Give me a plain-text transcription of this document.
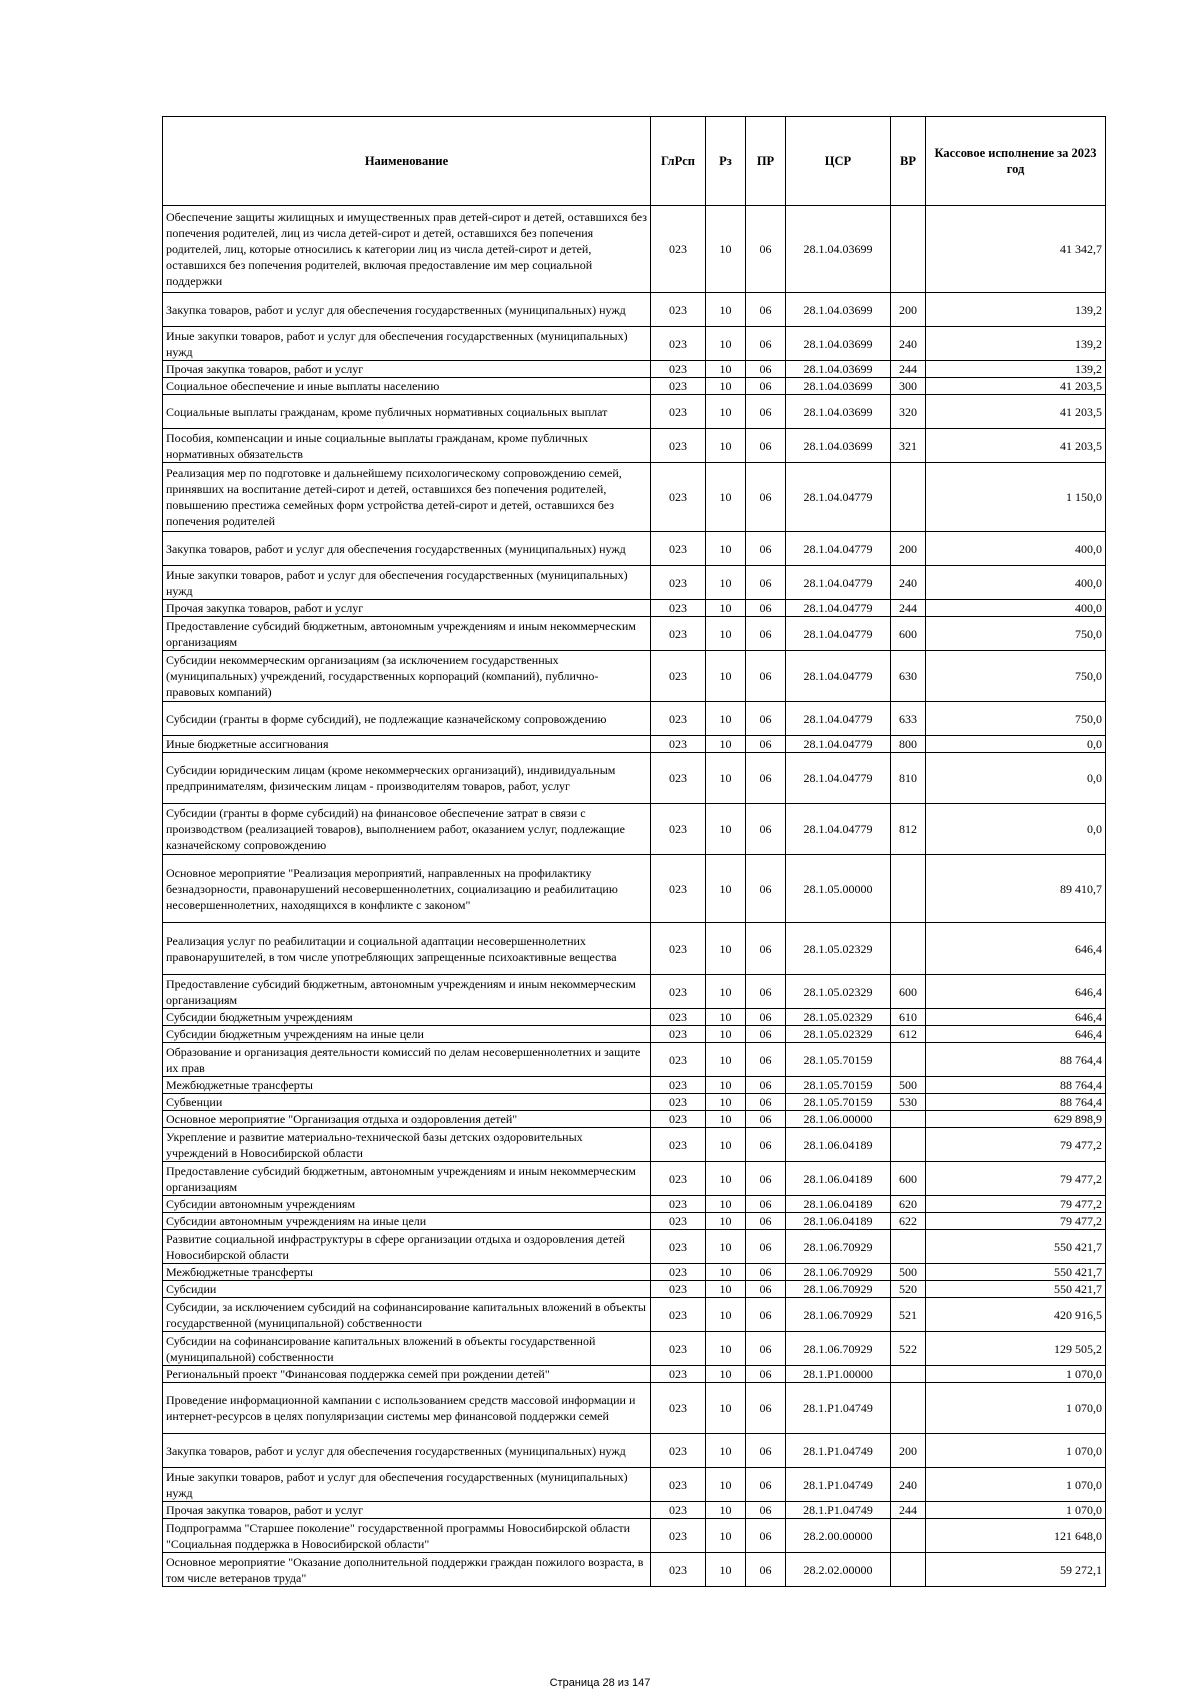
Наименование	ГлРсп	Рз	ПР	ЦСР	ВР	Кассовое исполнение за 2023 год
Обеспечение защиты жилищных и имущественных прав детей-сирот и детей, оставшихся без попечения родителей, лиц из числа детей-сирот и детей, оставшихся без попечения родителей, лиц, которые относились к категории лиц из числа детей-сирот и детей, оставшихся без попечения родителей, включая предоставление им мер социальной поддержки	023	10	06	28.1.04.03699		41 342,7
Закупка товаров, работ и услуг для обеспечения государственных (муниципальных) нужд	023	10	06	28.1.04.03699	200	139,2
Иные закупки товаров, работ и услуг для обеспечения государственных (муниципальных) нужд	023	10	06	28.1.04.03699	240	139,2
Прочая закупка товаров, работ и услуг	023	10	06	28.1.04.03699	244	139,2
Социальное обеспечение и иные выплаты населению	023	10	06	28.1.04.03699	300	41 203,5
Социальные выплаты гражданам, кроме публичных нормативных социальных выплат	023	10	06	28.1.04.03699	320	41 203,5
Пособия, компенсации и иные социальные выплаты гражданам, кроме публичных нормативных обязательств	023	10	06	28.1.04.03699	321	41 203,5
Реализация мер по подготовке и дальнейшему психологическому сопровождению семей, принявших на воспитание детей-сирот и детей, оставшихся без попечения родителей, повышению престижа семейных форм устройства детей-сирот и детей, оставшихся без попечения родителей	023	10	06	28.1.04.04779		1 150,0
Закупка товаров, работ и услуг для обеспечения государственных (муниципальных) нужд	023	10	06	28.1.04.04779	200	400,0
Иные закупки товаров, работ и услуг для обеспечения государственных (муниципальных) нужд	023	10	06	28.1.04.04779	240	400,0
Прочая закупка товаров, работ и услуг	023	10	06	28.1.04.04779	244	400,0
Предоставление субсидий бюджетным, автономным учреждениям и иным некоммерческим организациям	023	10	06	28.1.04.04779	600	750,0
Субсидии некоммерческим организациям (за исключением государственных (муниципальных) учреждений, государственных корпораций (компаний), публично-правовых компаний)	023	10	06	28.1.04.04779	630	750,0
Субсидии (гранты в форме субсидий), не подлежащие казначейскому сопровождению	023	10	06	28.1.04.04779	633	750,0
Иные бюджетные ассигнования	023	10	06	28.1.04.04779	800	0,0
Субсидии юридическим лицам (кроме некоммерческих организаций), индивидуальным предпринимателям, физическим лицам - производителям товаров, работ, услуг	023	10	06	28.1.04.04779	810	0,0
Субсидии (гранты в форме субсидий) на финансовое обеспечение затрат в связи с производством (реализацией товаров), выполнением работ, оказанием услуг, подлежащие казначейскому сопровождению	023	10	06	28.1.04.04779	812	0,0
Основное мероприятие "Реализация мероприятий, направленных на профилактику безнадзорности, правонарушений несовершеннолетних, социализацию и реабилитацию несовершеннолетних, находящихся в конфликте с законом"	023	10	06	28.1.05.00000		89 410,7
Реализация услуг по реабилитации и социальной адаптации несовершеннолетних правонарушителей, в том числе употребляющих запрещенные психоактивные вещества	023	10	06	28.1.05.02329		646,4
Предоставление субсидий бюджетным, автономным учреждениям и иным некоммерческим организациям	023	10	06	28.1.05.02329	600	646,4
Субсидии бюджетным учреждениям	023	10	06	28.1.05.02329	610	646,4
Субсидии бюджетным учреждениям на иные цели	023	10	06	28.1.05.02329	612	646,4
Образование и организация деятельности комиссий по делам несовершеннолетних и защите их прав	023	10	06	28.1.05.70159		88 764,4
Межбюджетные трансферты	023	10	06	28.1.05.70159	500	88 764,4
Субвенции	023	10	06	28.1.05.70159	530	88 764,4
Основное мероприятие "Организация отдыха и оздоровления детей"	023	10	06	28.1.06.00000		629 898,9
Укрепление и развитие материально-технической базы детских оздоровительных учреждений в Новосибирской области	023	10	06	28.1.06.04189		79 477,2
Предоставление субсидий бюджетным, автономным учреждениям и иным некоммерческим организациям	023	10	06	28.1.06.04189	600	79 477,2
Субсидии автономным учреждениям	023	10	06	28.1.06.04189	620	79 477,2
Субсидии автономным учреждениям на иные цели	023	10	06	28.1.06.04189	622	79 477,2
Развитие социальной инфраструктуры в сфере организации отдыха и оздоровления детей Новосибирской области	023	10	06	28.1.06.70929		550 421,7
Межбюджетные трансферты	023	10	06	28.1.06.70929	500	550 421,7
Субсидии	023	10	06	28.1.06.70929	520	550 421,7
Субсидии, за исключением субсидий на софинансирование капитальных вложений в объекты государственной (муниципальной) собственности	023	10	06	28.1.06.70929	521	420 916,5
Субсидии на софинансирование капитальных вложений в объекты государственной (муниципальной) собственности	023	10	06	28.1.06.70929	522	129 505,2
Региональный проект "Финансовая поддержка семей при рождении детей"	023	10	06	28.1.Р1.00000		1 070,0
Проведение информационной кампании с использованием средств массовой информации и интернет-ресурсов в целях популяризации системы мер финансовой поддержки семей	023	10	06	28.1.Р1.04749		1 070,0
Закупка товаров, работ и услуг для обеспечения государственных (муниципальных) нужд	023	10	06	28.1.Р1.04749	200	1 070,0
Иные закупки товаров, работ и услуг для обеспечения государственных (муниципальных) нужд	023	10	06	28.1.Р1.04749	240	1 070,0
Прочая закупка товаров, работ и услуг	023	10	06	28.1.Р1.04749	244	1 070,0
Подпрограмма "Старшее поколение" государственной программы Новосибирской области "Социальная поддержка в Новосибирской области"	023	10	06	28.2.00.00000		121 648,0
Основное мероприятие "Оказание дополнительной поддержки граждан пожилого возраста, в том числе ветеранов труда"	023	10	06	28.2.02.00000		59 272,1
Страница 28 из 147
